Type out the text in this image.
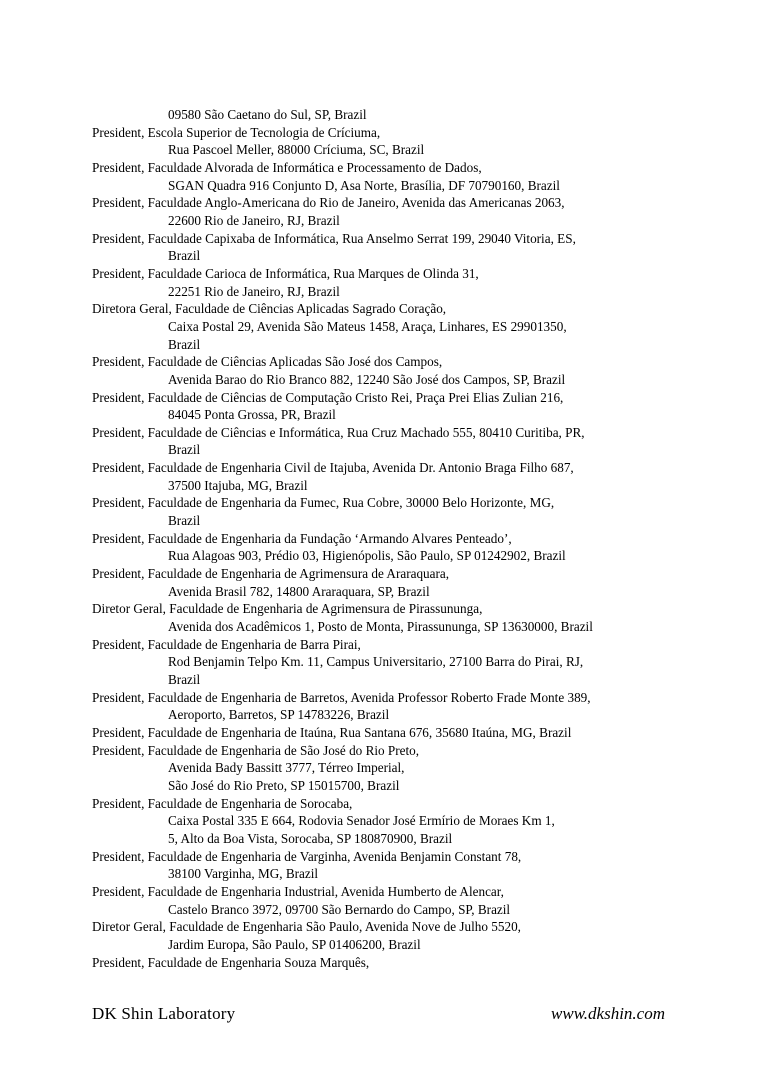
09580 São Caetano do Sul, SP, Brazil
President, Escola Superior de Tecnologia de Críciuma,
Rua Pascoel Meller, 88000 Críciuma, SC, Brazil
President, Faculdade Alvorada de Informática e Processamento de Dados,
SGAN Quadra 916 Conjunto D, Asa Norte, Brasília, DF 70790160, Brazil
President, Faculdade Anglo-Americana do Rio de Janeiro, Avenida das Americanas 2063,
22600 Rio de Janeiro, RJ, Brazil
President, Faculdade Capixaba de Informática, Rua Anselmo Serrat 199, 29040 Vitoria, ES,
Brazil
President, Faculdade Carioca de Informática, Rua Marques de Olinda 31,
22251 Rio de Janeiro, RJ, Brazil
Diretora Geral, Faculdade de Ciências Aplicadas Sagrado Coração,
Caixa Postal 29, Avenida São Mateus 1458, Araça, Linhares, ES 29901350,
Brazil
President, Faculdade de Ciências Aplicadas São José dos Campos,
Avenida Barao do Rio Branco 882, 12240 São José dos Campos, SP, Brazil
President, Faculdade de Ciências de Computação Cristo Rei, Praça Prei Elias Zulian 216,
84045 Ponta Grossa, PR, Brazil
President, Faculdade de Ciências e Informática, Rua Cruz Machado 555, 80410 Curitiba, PR,
Brazil
President, Faculdade de Engenharia Civil de Itajuba, Avenida Dr. Antonio Braga Filho 687,
37500 Itajuba, MG, Brazil
President, Faculdade de Engenharia da Fumec, Rua Cobre, 30000 Belo Horizonte, MG,
Brazil
President, Faculdade de Engenharia da Fundação ‘Armando Alvares Penteado’,
Rua Alagoas 903, Prédio 03, Higienópolis, São Paulo, SP 01242902, Brazil
President, Faculdade de Engenharia de Agrimensura de Araraquara,
Avenida Brasil 782, 14800 Araraquara, SP, Brazil
Diretor Geral, Faculdade de Engenharia de Agrimensura de Pirassununga,
Avenida dos Acadêmicos 1, Posto de Monta, Pirassununga, SP 13630000, Brazil
President, Faculdade de Engenharia de Barra Pirai,
Rod Benjamin Telpo Km. 11, Campus Universitario, 27100 Barra do Pirai, RJ,
Brazil
President, Faculdade de Engenharia de Barretos, Avenida Professor Roberto Frade Monte 389,
Aeroporto, Barretos, SP 14783226, Brazil
President, Faculdade de Engenharia de Itaúna, Rua Santana 676, 35680 Itaúna, MG, Brazil
President, Faculdade de Engenharia de São José do Rio Preto,
Avenida Bady Bassitt 3777, Térreo Imperial,
São José do Rio Preto, SP 15015700, Brazil
President, Faculdade de Engenharia de Sorocaba,
Caixa Postal 335 E 664, Rodovia Senador José Ermírio de Moraes Km 1,
5, Alto da Boa Vista, Sorocaba, SP 180870900, Brazil
President, Faculdade de Engenharia de Varginha, Avenida Benjamin Constant 78,
38100 Varginha, MG, Brazil
President, Faculdade de Engenharia Industrial, Avenida Humberto de Alencar,
Castelo Branco 3972, 09700 São Bernardo do Campo, SP, Brazil
Diretor Geral, Faculdade de Engenharia São Paulo, Avenida Nove de Julho 5520,
Jardim Europa, São Paulo, SP 01406200, Brazil
President, Faculdade de Engenharia Souza Marquês,
DK Shin Laboratory	www.dkshin.com
